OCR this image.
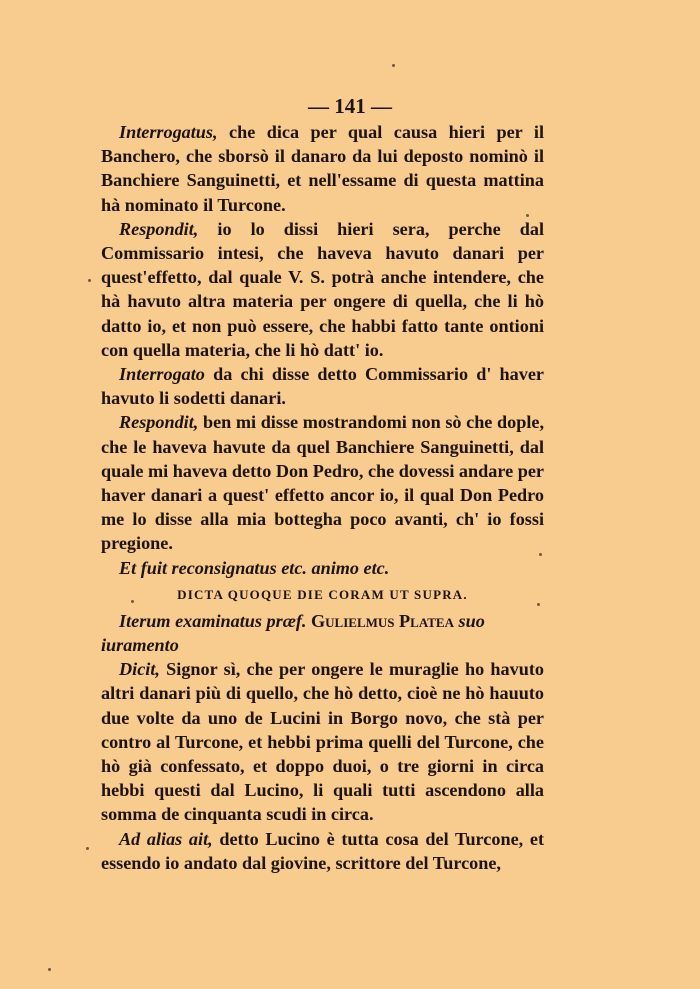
— 141 —

Interrogatus, che dica per qual causa hieri per il Banchero, che sborsò il danaro da lui deposto nominò il Banchiere Sanguinetti, et nell'essame di questa mattina hà nominato il Turcone.

Respondit, io lo dissi hieri sera, perche dal Commissario intesi, che haveva havuto danari per quest'effetto, dal quale V. S. potrà anche intendere, che hà havuto altra materia per ongere di quella, che li hò datto io, et non può essere, che habbi fatto tante ontioni con quella materia, che li hò datt' io.

Interrogato da chi disse detto Commissario d' haver havuto li sodetti danari.

Respondit, ben mi disse mostrandomi non sò che dople, che le haveva havute da quel Banchiere Sanguinetti, dal quale mi haveva detto Don Pedro, che dovessi andare per haver danari a quest' effetto ancor io, il qual Don Pedro me lo disse alla mia bottegha poco avanti, ch' io fossi pregione.

Et fuit reconsignatus etc. animo etc.

DICTA QUOQUE DIE CORAM UT SUPRA.

Iterum examinatus præf. Gulielmus Platea suo iuramento

Dicit, Signor sì, che per ongere le muraglie ho havuto altri danari più di quello, che hò detto, cioè ne hò hauuto due volte da uno de Lucini in Borgo novo, che stà per contro al Turcone, et hebbi prima quelli del Turcone, che hò già confessato, et doppo duoi, o tre giorni in circa hebbi questi dal Lucino, li quali tutti ascendono alla somma de cinquanta scudi in circa.

Ad alias ait, detto Lucino è tutta cosa del Turcone, et essendo io andato dal giovine, scrittore del Turcone,
